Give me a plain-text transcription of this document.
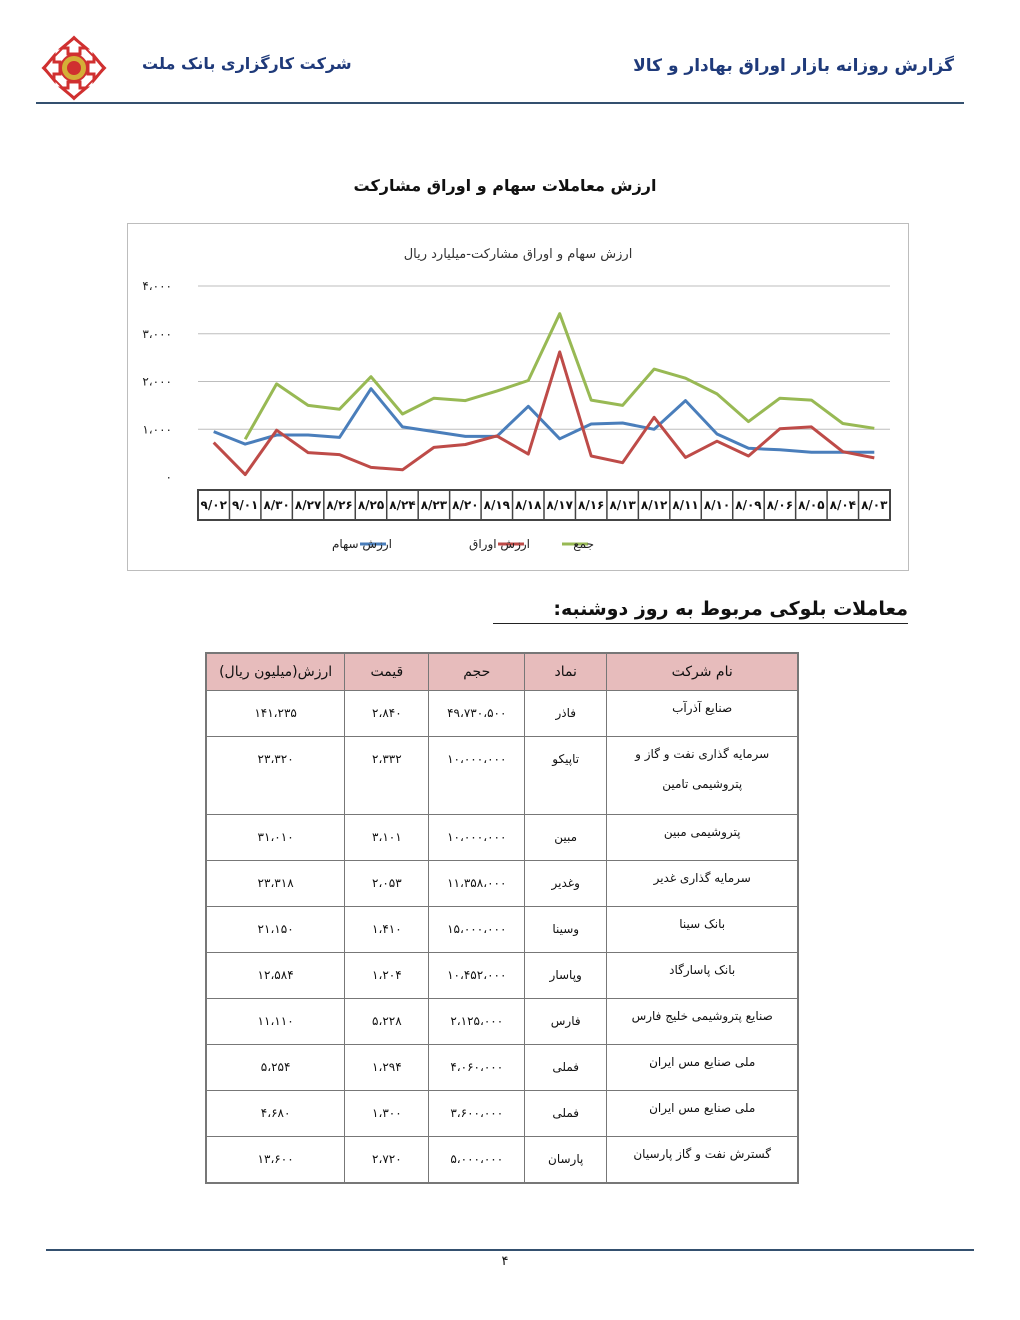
شرکت کارگزاری بانک ملت	گزارش روزانه بازار اوراق بهادار و کالا
ارزش معاملات سهام و اوراق مشارکت
ارزش سهام و اوراق مشارکت-میلیارد ریال
۰
۱،۰۰۰
۲،۰۰۰
۳،۰۰۰
۴،۰۰۰
۸/۰۳
۸/۰۴
۸/۰۵
۸/۰۶
۸/۰۹
۸/۱۰
۸/۱۱
۸/۱۲
۸/۱۳
۸/۱۶
۸/۱۷
۸/۱۸
۸/۱۹
۸/۲۰
۸/۲۳
۸/۲۴
۸/۲۵
۸/۲۶
۸/۲۷
۸/۳۰
۹/۰۱
۹/۰۲
ارزش سهام	ارزش اوراق	جمع
معاملات بلوکی مربوط به روز دوشنبه:
نام شرکت	نماد	حجم	قیمت	ارزش(میلیون ریال)
صنایع آذرآب	فاذر	۴۹،۷۳۰،۵۰۰	۲،۸۴۰	۱۴۱،۲۳۵
سرمایه گذاری نفت و گاز و پتروشیمی تامین	تاپیکو	۱۰،۰۰۰،۰۰۰	۲،۳۳۲	۲۳،۳۲۰
پتروشیمی مبین	مبین	۱۰،۰۰۰،۰۰۰	۳،۱۰۱	۳۱،۰۱۰
سرمایه گذاری غدیر	وغدیر	۱۱،۳۵۸،۰۰۰	۲،۰۵۳	۲۳،۳۱۸
بانک سینا	وسینا	۱۵،۰۰۰،۰۰۰	۱،۴۱۰	۲۱،۱۵۰
بانک پاسارگاد	وپاسار	۱۰،۴۵۲،۰۰۰	۱،۲۰۴	۱۲،۵۸۴
صنایع پتروشیمی خلیج فارس	فارس	۲،۱۲۵،۰۰۰	۵،۲۲۸	۱۱،۱۱۰
ملی صنایع مس ایران	فملی	۴،۰۶۰،۰۰۰	۱،۲۹۴	۵،۲۵۴
ملی صنایع مس ایران	فملی	۳،۶۰۰،۰۰۰	۱،۳۰۰	۴،۶۸۰
گسترش نفت و گاز پارسیان	پارسان	۵،۰۰۰،۰۰۰	۲،۷۲۰	۱۳،۶۰۰
۴
